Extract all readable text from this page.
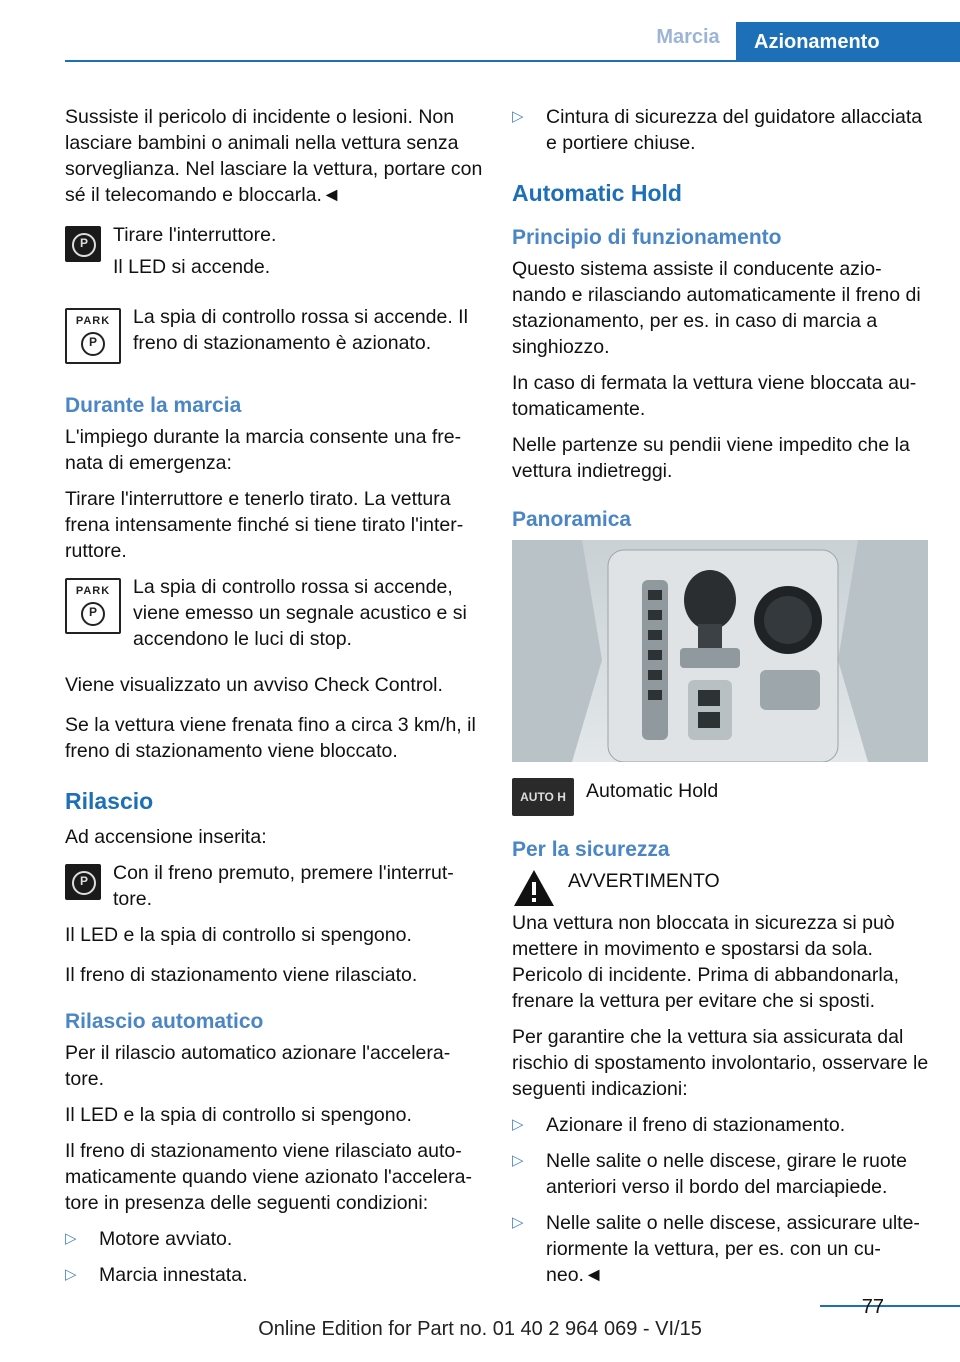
Marcia	Azionamento

Sussiste il pericolo di incidente o lesioni. Non lasciare bambini o animali nella vettura senza sorveglianza. Nel lasciare la vettura, portare con sé il telecomando e bloccarla.◄

P	Tirare l'interruttore.

Il LED si accende.

PARK
P

La spia di controllo rossa si accende. Il freno di stazionamento è azionato.

Durante la marcia

L'impiego durante la marcia consente una fre‐nata di emergenza:

Tirare l'interruttore e tenerlo tirato. La vettura frena intensamente finché si tiene tirato l'inter‐ruttore.

PARK
P

La spia di controllo rossa si accende, viene emesso un segnale acustico e si accendono le luci di stop.

Viene visualizzato un avviso Check Control.

Se la vettura viene frenata fino a circa 3 km/h, il freno di stazionamento viene bloccato.

Rilascio

Ad accensione inserita:

P	Con il freno premuto, premere l'interrut‐tore.

Il LED e la spia di controllo si spengono.

Il freno di stazionamento viene rilasciato.

Rilascio automatico

Per il rilascio automatico azionare l'accelera‐tore.

Il LED e la spia di controllo si spengono.

Il freno di stazionamento viene rilasciato auto‐maticamente quando viene azionato l'accelera‐tore in presenza delle seguenti condizioni:

▷ Motore avviato.
▷ Marcia innestata.
▷ Cintura di sicurezza del guidatore allacciata e portiere chiuse.
Automatic Hold
Principio di funzionamento

Questo sistema assiste il conducente azio‐nando e rilasciando automaticamente il freno di stazionamento, per es. in caso di marcia a singhiozzo.

In caso di fermata la vettura viene bloccata au‐tomaticamente.

Nelle partenze su pendii viene impedito che la vettura indietreggi.

Panoramica
AUTO H	Automatic Hold

Per la sicurezza

AVVERTIMENTO

Una vettura non bloccata in sicurezza si può mettere in movimento e spostarsi da sola. Pericolo di incidente. Prima di abbandonarla, frenare la vettura per evitare che si sposti.

Per garantire che la vettura sia assicurata dal rischio di spostamento involontario, osservare le seguenti indicazioni:

▷ Azionare il freno di stazionamento.
▷ Nelle salite o nelle discese, girare le ruote anteriori verso il bordo del marciapiede.
▷ Nelle salite o nelle discese, assicurare ulte‐riormente la vettura, per es. con un cu‐neo.◄
77
Online Edition for Part no. 01 40 2 964 069 - VI/15
